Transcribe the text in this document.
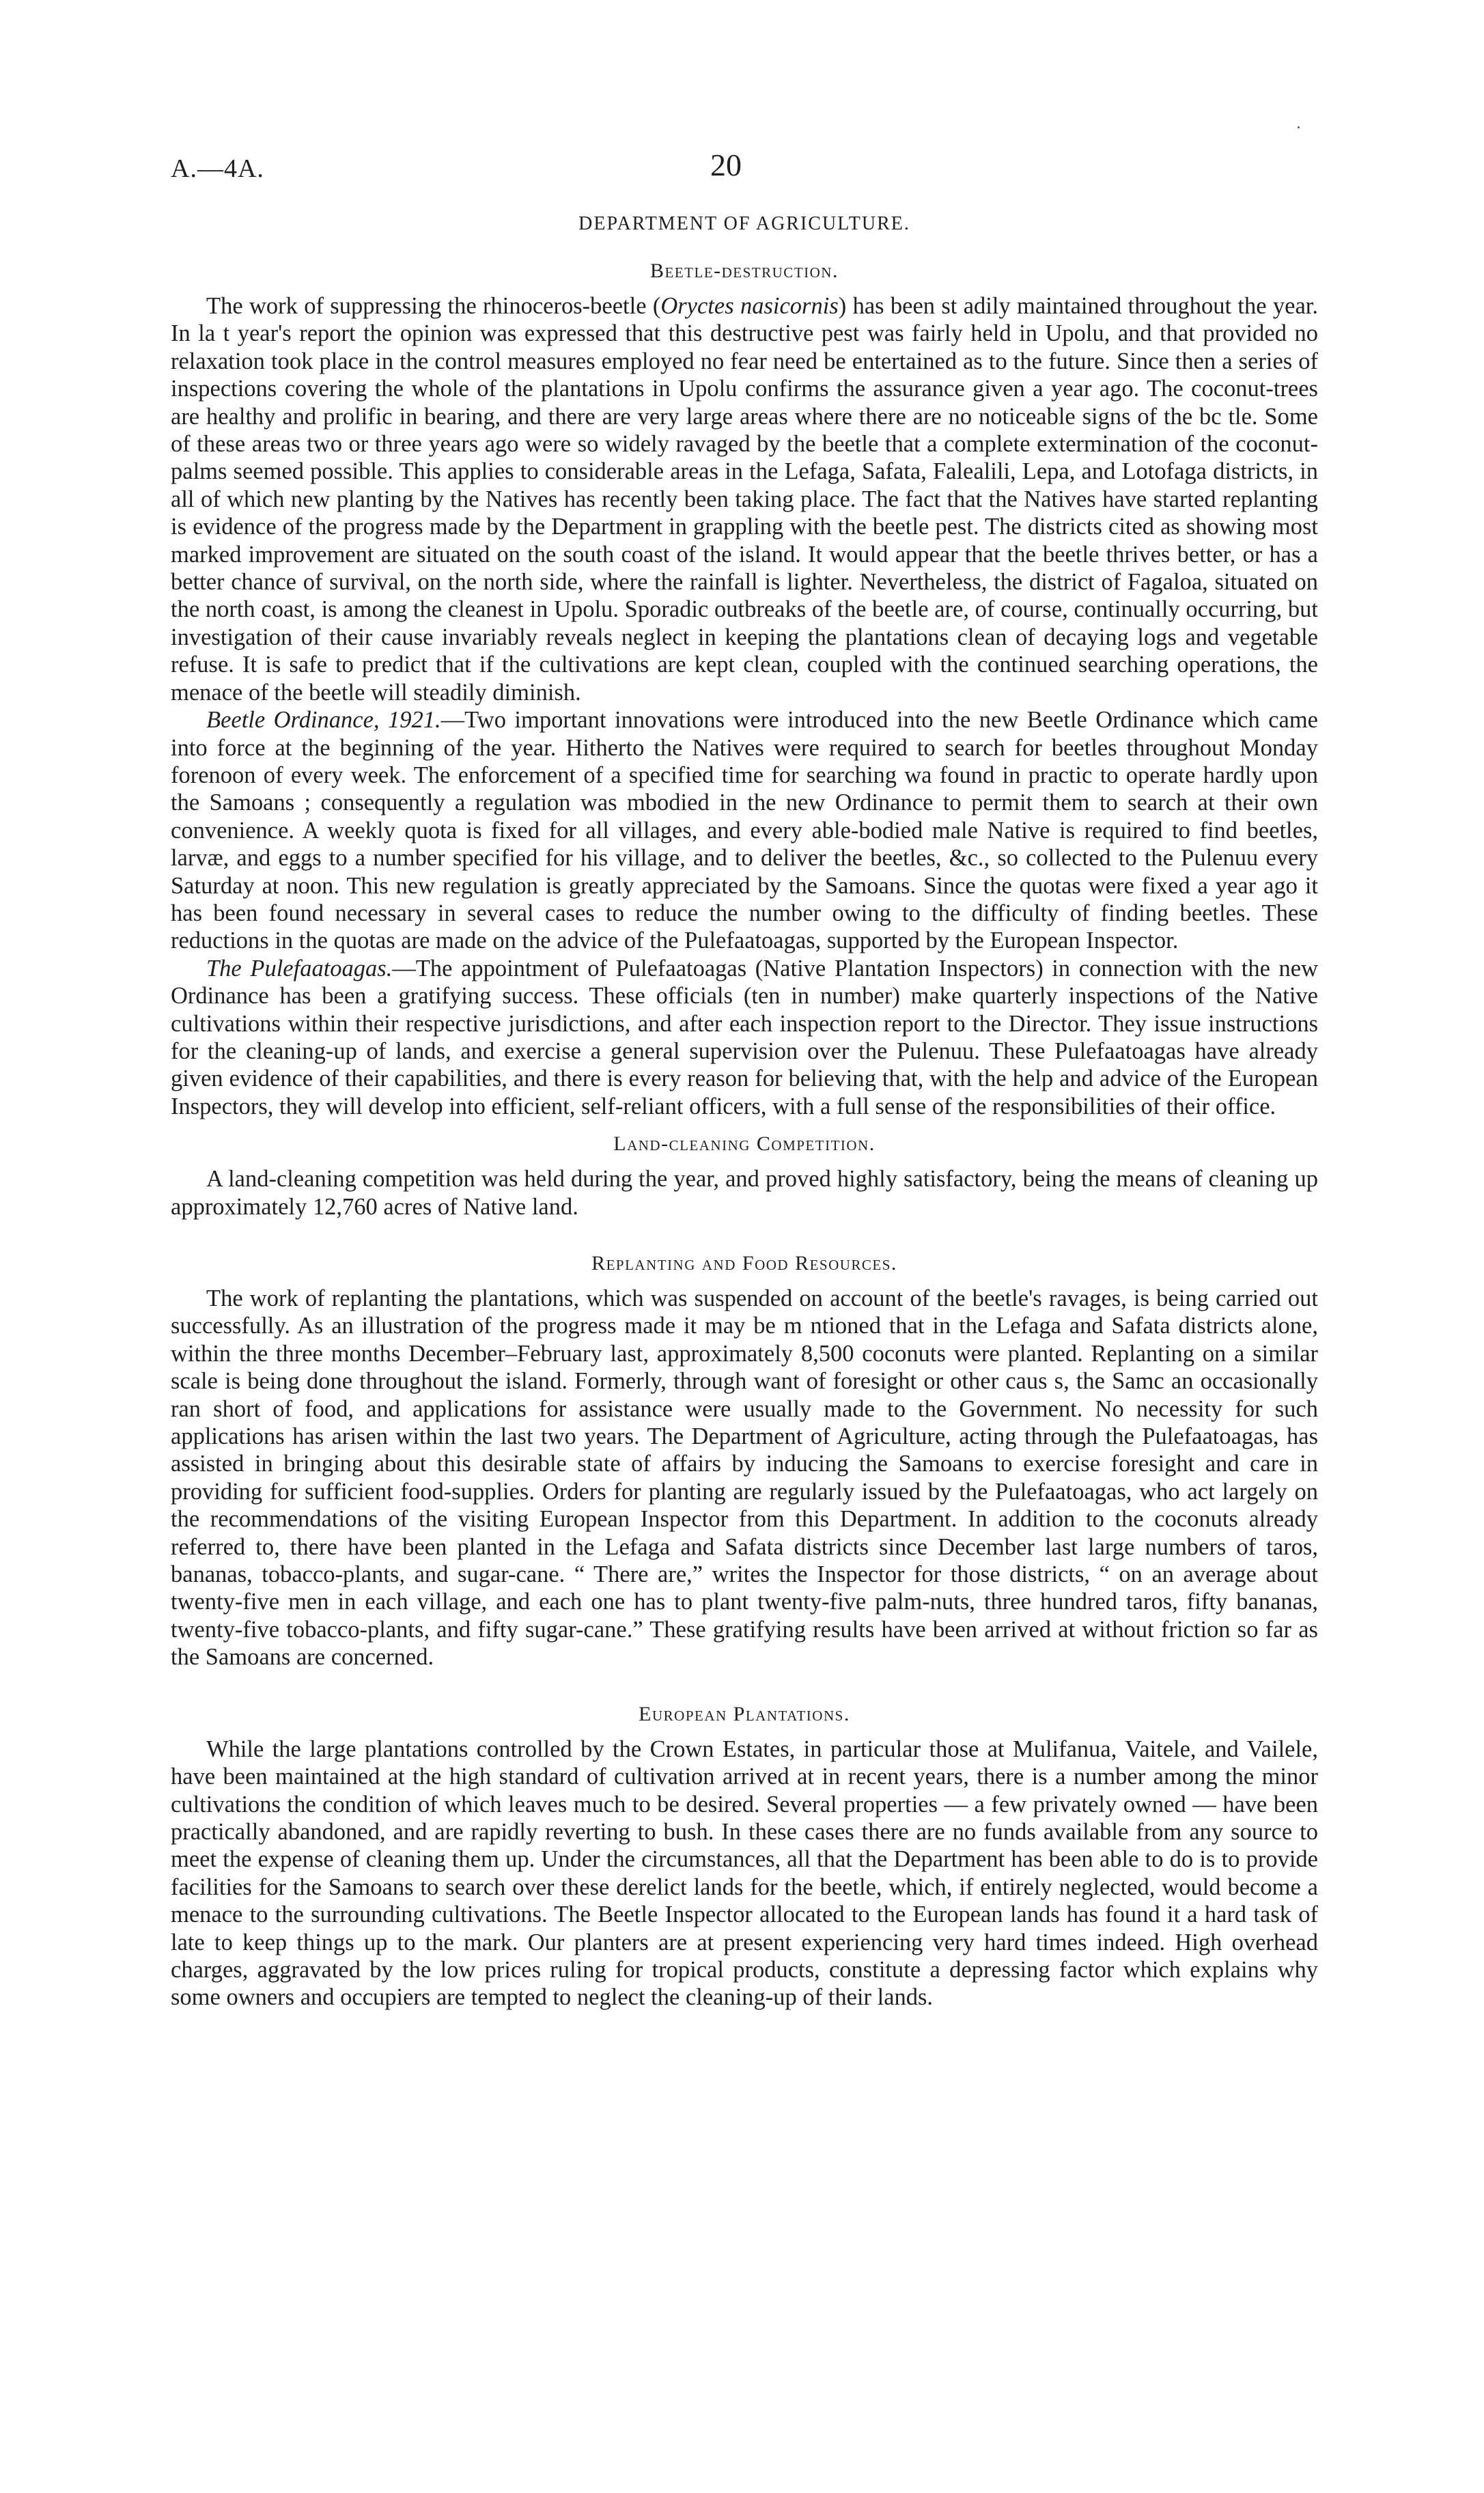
A.—4A.	20
DEPARTMENT OF AGRICULTURE.
Beetle-destruction.

The work of suppressing the rhinoceros-beetle (Oryctes nasicornis) has been st adily maintained throughout the year. In la t year's report the opinion was expressed that this destructive pest was fairly held in Upolu, and that provided no relaxation took place in the control measures employed no fear need be entertained as to the future. Since then a series of inspections covering the whole of the plantations in Upolu confirms the assurance given a year ago. The coconut-trees are healthy and prolific in bearing, and there are very large areas where there are no noticeable signs of the bc tle. Some of these areas two or three years ago were so widely ravaged by the beetle that a complete extermination of the coconut-palms seemed possible. This applies to considerable areas in the Lefaga, Safata, Falealili, Lepa, and Lotofaga districts, in all of which new planting by the Natives has recently been taking place. The fact that the Natives have started replanting is evidence of the progress made by the Department in grappling with the beetle pest. The districts cited as showing most marked improvement are situated on the south coast of the island. It would appear that the beetle thrives better, or has a better chance of survival, on the north side, where the rainfall is lighter. Nevertheless, the district of Fagaloa, situated on the north coast, is among the cleanest in Upolu. Sporadic outbreaks of the beetle are, of course, continually occurring, but investigation of their cause invariably reveals neglect in keeping the plantations clean of decaying logs and vegetable refuse. It is safe to predict that if the cultivations are kept clean, coupled with the continued searching operations, the menace of the beetle will steadily diminish.

Beetle Ordinance, 1921.—Two important innovations were introduced into the new Beetle Ordinance which came into force at the beginning of the year. Hitherto the Natives were required to search for beetles throughout Monday forenoon of every week. The enforcement of a specified time for searching wa found in practic to operate hardly upon the Samoans ; consequently a regulation was mbodied in the new Ordinance to permit them to search at their own convenience. A weekly quota is fixed for all villages, and every able-bodied male Native is required to find beetles, larvæ, and eggs to a number specified for his village, and to deliver the beetles, &c., so collected to the Pulenuu every Saturday at noon. This new regulation is greatly appreciated by the Samoans. Since the quotas were fixed a year ago it has been found necessary in several cases to reduce the number owing to the difficulty of finding beetles. These reductions in the quotas are made on the advice of the Pulefaatoagas, supported by the European Inspector.

The Pulefaatoagas.—The appointment of Pulefaatoagas (Native Plantation Inspectors) in connection with the new Ordinance has been a gratifying success. These officials (ten in number) make quarterly inspections of the Native cultivations within their respective jurisdictions, and after each inspection report to the Director. They issue instructions for the cleaning-up of lands, and exercise a general supervision over the Pulenuu. These Pulefaatoagas have already given evidence of their capabilities, and there is every reason for believing that, with the help and advice of the European Inspectors, they will develop into efficient, self-reliant officers, with a full sense of the responsibilities of their office.

Land-cleaning Competition.

A land-cleaning competition was held during the year, and proved highly satisfactory, being the means of cleaning up approximately 12,760 acres of Native land.

Replanting and Food Resources.

The work of replanting the plantations, which was suspended on account of the beetle's ravages, is being carried out successfully. As an illustration of the progress made it may be m ntioned that in the Lefaga and Safata districts alone, within the three months December–February last, approximately 8,500 coconuts were planted. Replanting on a similar scale is being done throughout the island. Formerly, through want of foresight or other caus s, the Samc an occasionally ran short of food, and applications for assistance were usually made to the Government. No necessity for such applications has arisen within the last two years. The Department of Agriculture, acting through the Pulefaatoagas, has assisted in bringing about this desirable state of affairs by inducing the Samoans to exercise foresight and care in providing for sufficient food-supplies. Orders for planting are regularly issued by the Pulefaatoagas, who act largely on the recommendations of the visiting European Inspector from this Department. In addition to the coconuts already referred to, there have been planted in the Lefaga and Safata districts since December last large numbers of taros, bananas, tobacco-plants, and sugar-cane. “ There are,” writes the Inspector for those districts, “ on an average about twenty-five men in each village, and each one has to plant twenty-five palm-nuts, three hundred taros, fifty bananas, twenty-five tobacco-plants, and fifty sugar-cane.” These gratifying results have been arrived at without friction so far as the Samoans are concerned.

European Plantations.

While the large plantations controlled by the Crown Estates, in particular those at Mulifanua, Vaitele, and Vailele, have been maintained at the high standard of cultivation arrived at in recent years, there is a number among the minor cultivations the condition of which leaves much to be desired. Several properties — a few privately owned — have been practically abandoned, and are rapidly reverting to bush. In these cases there are no funds available from any source to meet the expense of cleaning them up. Under the circumstances, all that the Department has been able to do is to provide facilities for the Samoans to search over these derelict lands for the beetle, which, if entirely neglected, would become a menace to the surrounding cultivations. The Beetle Inspector allocated to the European lands has found it a hard task of late to keep things up to the mark. Our planters are at present experiencing very hard times indeed. High overhead charges, aggravated by the low prices ruling for tropical products, constitute a depressing factor which explains why some owners and occupiers are tempted to neglect the cleaning-up of their lands.
